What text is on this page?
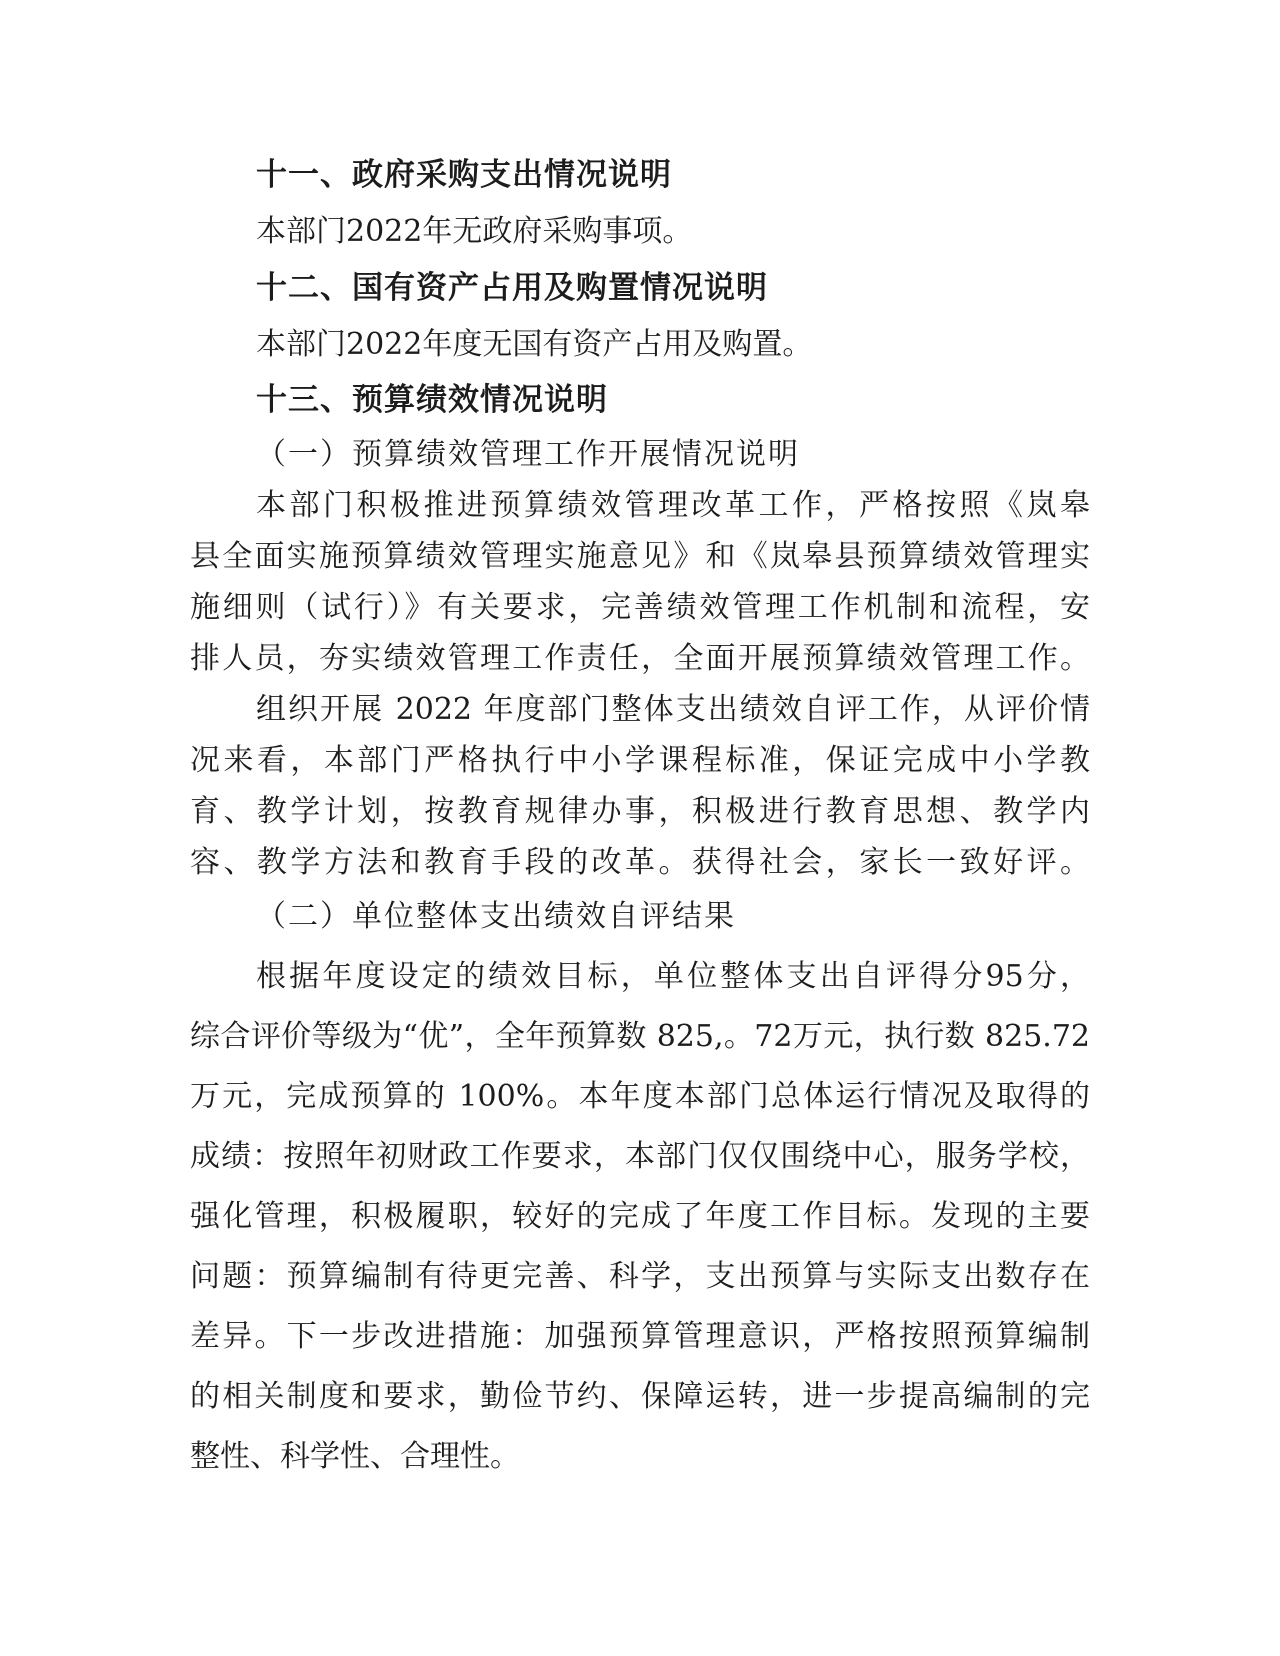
十一、政府采购支出情况说明
本部门2022年无政府采购事项。
十二、国有资产占用及购置情况说明
本部门2022年度无国有资产占用及购置。
十三、预算绩效情况说明
（一）预算绩效管理工作开展情况说明
本部门积极推进预算绩效管理改革工作，严格按照《岚皋
县全面实施预算绩效管理实施意见》和《岚皋县预算绩效管理实
施细则（试行）》有关要求，完善绩效管理工作机制和流程，安
排人员，夯实绩效管理工作责任，全面开展预算绩效管理工作。
组织开展 2022 年度部门整体支出绩效自评工作，从评价情
况来看，本部门严格执行中小学课程标准，保证完成中小学教
育、教学计划，按教育规律办事，积极进行教育思想、教学内
容、教学方法和教育手段的改革。获得社会，家长一致好评。
（二）单位整体支出绩效自评结果
根据年度设定的绩效目标，单位整体支出自评得分95分，
综合评价等级为“优”，全年预算数 825,。72万元，执行数 825.72
万元，完成预算的 100%。本年度本部门总体运行情况及取得的
成绩：按照年初财政工作要求，本部门仅仅围绕中心，服务学校，
强化管理，积极履职，较好的完成了年度工作目标。发现的主要
问题：预算编制有待更完善、科学，支出预算与实际支出数存在
差异。下一步改进措施：加强预算管理意识，严格按照预算编制
的相关制度和要求，勤俭节约、保障运转，进一步提高编制的完
整性、科学性、合理性。
